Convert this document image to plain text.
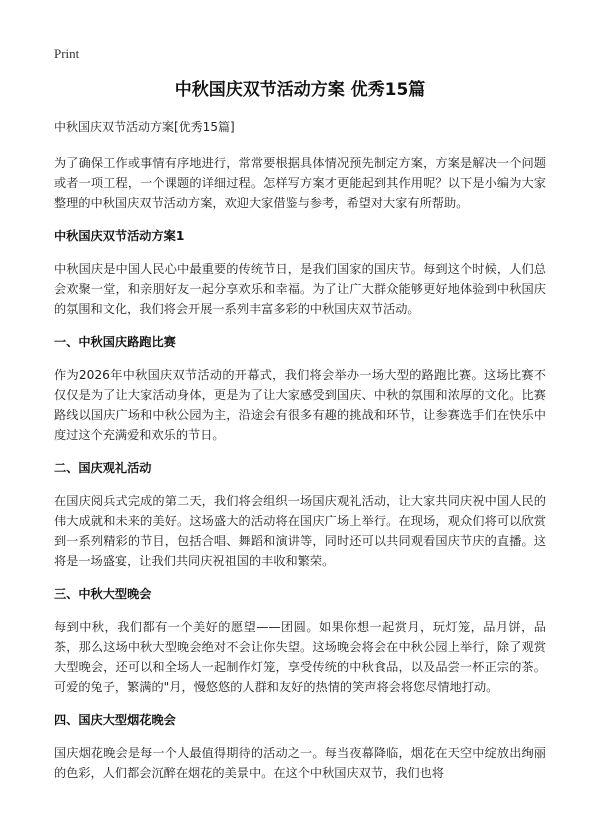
Print
中秋国庆双节活动方案 优秀15篇

中秋国庆双节活动方案[优秀15篇]

为了确保工作或事情有序地进行，常常要根据具体情况预先制定方案，方案是解决一个问题或者一项工程，一个课题的详细过程。怎样写方案才更能起到其作用呢？以下是小编为大家整理的中秋国庆双节活动方案，欢迎大家借鉴与参考，希望对大家有所帮助。

中秋国庆双节活动方案1

中秋国庆是中国人民心中最重要的传统节日，是我们国家的国庆节。每到这个时候，人们总会欢聚一堂，和亲朋好友一起分享欢乐和幸福。为了让广大群众能够更好地体验到中秋国庆的氛围和文化，我们将会开展一系列丰富多彩的中秋国庆双节活动。

一、中秋国庆路跑比赛

作为2026年中秋国庆双节活动的开幕式，我们将会举办一场大型的路跑比赛。这场比赛不仅仅是为了让大家活动身体，更是为了让大家感受到国庆、中秋的氛围和浓厚的文化。比赛路线以国庆广场和中秋公园为主，沿途会有很多有趣的挑战和环节，让参赛选手们在快乐中度过这个充满爱和欢乐的节日。

二、国庆观礼活动

在国庆阅兵式完成的第二天，我们将会组织一场国庆观礼活动，让大家共同庆祝中国人民的伟大成就和未来的美好。这场盛大的活动将在国庆广场上举行。在现场，观众们将可以欣赏到一系列精彩的节目，包括合唱、舞蹈和演讲等，同时还可以共同观看国庆节庆的直播。这将是一场盛宴，让我们共同庆祝祖国的丰收和繁荣。

三、中秋大型晚会

每到中秋，我们都有一个美好的愿望——团圆。如果你想一起赏月，玩灯笼，品月饼，品茶，那么这场中秋大型晚会绝对不会让你失望。这场晚会将会在中秋公园上举行，除了观赏大型晚会，还可以和全场人一起制作灯笼，享受传统的中秋食品，以及品尝一杯正宗的茶。可爱的兔子，繁满的"月，慢悠悠的人群和友好的热情的笑声将会将您尽情地打动。

四、国庆大型烟花晚会

国庆烟花晚会是每一个人最值得期待的活动之一。每当夜幕降临，烟花在天空中绽放出绚丽的色彩，人们都会沉醉在烟花的美景中。在这个中秋国庆双节，我们也将
